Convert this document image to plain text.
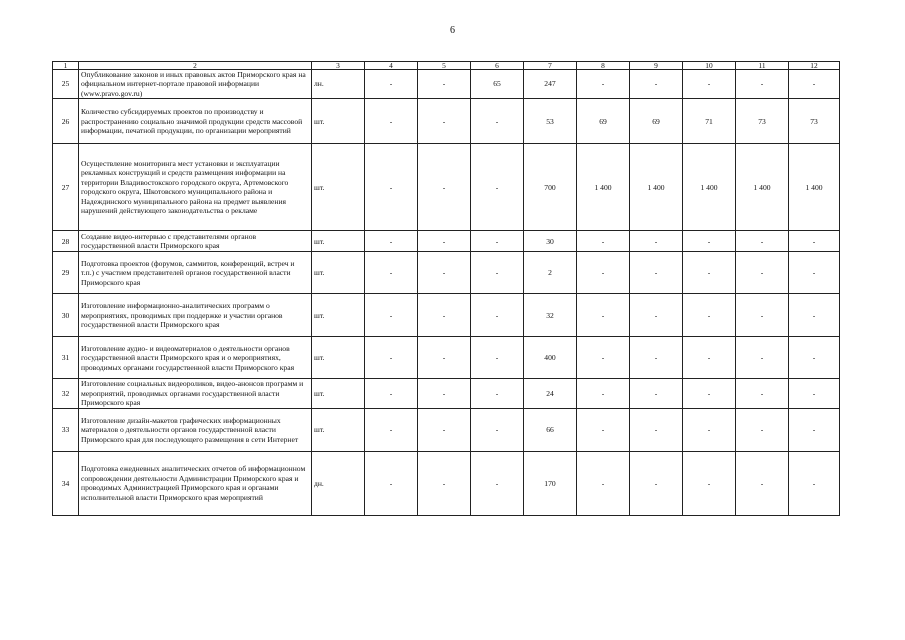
6
1	2	3	4	5	6	7	8	9	10	11	12
25	Опубликование законов и иных правовых актов Приморского края на официальном интернет-портале правовой информации (www.pravo.gov.ru)	лн.	-	-	65	247	-	-	-	-	-
26	Количество субсидируемых проектов по производству и распространению социально значимой продукции средств массовой информации, печатной продукции, по организации мероприятий	шт.	-	-	-	53	69	69	71	73	73
27	Осуществление мониторинга мест установки и эксплуатации рекламных конструкций и средств размещения информации на территории Владивостокского городского округа, Артемовского городского округа, Шкотовского муниципального района и Надеждинского муниципального района на предмет выявления нарушений действующего законодательства о рекламе	шт.	-	-	-	700	1 400	1 400	1 400	1 400	1 400
28	Создание видео-интервью с представителями органов государственной власти Приморского края	шт.	-	-	-	30	-	-	-	-	-
29	Подготовка проектов (форумов, саммитов, конференций, встреч и т.п.) с участием представителей органов государственной власти Приморского края	шт.	-	-	-	2	-	-	-	-	-
30	Изготовление информационно-аналитических программ о мероприятиях, проводимых при поддержке и участии органов государственной власти Приморского края	шт.	-	-	-	32	-	-	-	-	-
31	Изготовление аудио- и видеоматериалов о деятельности органов государственной власти Приморского края и о мероприятиях, проводимых органами государственной власти Приморского края	шт.	-	-	-	400	-	-	-	-	-
32	Изготовление социальных видеороликов, видео-анонсов программ и мероприятий, проводимых органами государственной власти Приморского края	шт.	-	-	-	24	-	-	-	-	-
33	Изготовление дизайн-макетов графических информационных материалов о деятельности органов государственной власти Приморского края для последующего размещения в сети Интернет	шт.	-	-	-	66	-	-	-	-	-
34	Подготовка ежедневных аналитических отчетов об информационном сопровождении деятельности Администрации Приморского края и проводимых Администрацией Приморского края и органами исполнительной власти Приморского края мероприятий	дн.	-	-	-	170	-	-	-	-	-
